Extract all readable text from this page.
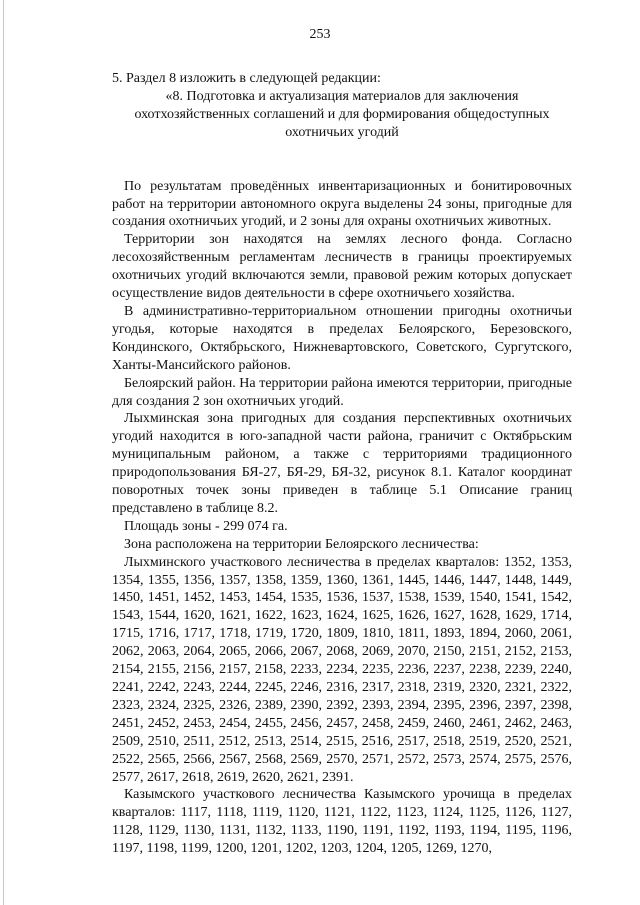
253

5. Раздел 8 изложить в следующей редакции:

«8. Подготовка и актуализация материалов для заключения
охотхозяйственных соглашений и для формирования общедоступных
охотничьих угодий

По результатам проведённых инвентаризационных и бонитировочных работ на территории автономного округа выделены 24 зоны, пригодные для создания охотничьих угодий, и 2 зоны для охраны охотничьих животных.

Территории зон находятся на землях лесного фонда. Согласно лесохозяйственным регламентам лесничеств в границы проектируемых охотничьих угодий включаются земли, правовой режим которых допускает осуществление видов деятельности в сфере охотничьего хозяйства.

В административно-территориальном отношении пригодны охотничьи угодья, которые находятся в пределах Белоярского, Березовского, Кондинского, Октябрьского, Нижневартовского, Советского, Сургутского, Ханты-Мансийского районов.

Белоярский район. На территории района имеются территории, пригодные для создания 2 зон охотничьих угодий.

Лыхминская зона пригодных для создания перспективных охотничьих угодий находится в юго-западной части района, граничит с Октябрьским муниципальным районом, а также с территориями традиционного природопользования БЯ-27, БЯ-29, БЯ-32, рисунок 8.1. Каталог координат поворотных точек зоны приведен в таблице 5.1 Описание границ представлено в таблице 8.2.

Площадь зоны - 299 074 га.

Зона расположена на территории Белоярского лесничества:

Лыхминского участкового лесничества в пределах кварталов: 1352, 1353, 1354, 1355, 1356, 1357, 1358, 1359, 1360, 1361, 1445, 1446, 1447, 1448, 1449, 1450, 1451, 1452, 1453, 1454, 1535, 1536, 1537, 1538, 1539, 1540, 1541, 1542, 1543, 1544, 1620, 1621, 1622, 1623, 1624, 1625, 1626, 1627, 1628, 1629, 1714, 1715, 1716, 1717, 1718, 1719, 1720, 1809, 1810, 1811, 1893, 1894, 2060, 2061, 2062, 2063, 2064, 2065, 2066, 2067, 2068, 2069, 2070, 2150, 2151, 2152, 2153, 2154, 2155, 2156, 2157, 2158, 2233, 2234, 2235, 2236, 2237, 2238, 2239, 2240, 2241, 2242, 2243, 2244, 2245, 2246, 2316, 2317, 2318, 2319, 2320, 2321, 2322, 2323, 2324, 2325, 2326, 2389, 2390, 2392, 2393, 2394, 2395, 2396, 2397, 2398, 2451, 2452, 2453, 2454, 2455, 2456, 2457, 2458, 2459, 2460, 2461, 2462, 2463, 2509, 2510, 2511, 2512, 2513, 2514, 2515, 2516, 2517, 2518, 2519, 2520, 2521, 2522, 2565, 2566, 2567, 2568, 2569, 2570, 2571, 2572, 2573, 2574, 2575, 2576, 2577, 2617, 2618, 2619, 2620, 2621, 2391.

Казымского участкового лесничества Казымского урочища в пределах кварталов: 1117, 1118, 1119, 1120, 1121, 1122, 1123, 1124, 1125, 1126, 1127, 1128, 1129, 1130, 1131, 1132, 1133, 1190, 1191, 1192, 1193, 1194, 1195, 1196, 1197, 1198, 1199, 1200, 1201, 1202, 1203, 1204, 1205, 1269, 1270,
